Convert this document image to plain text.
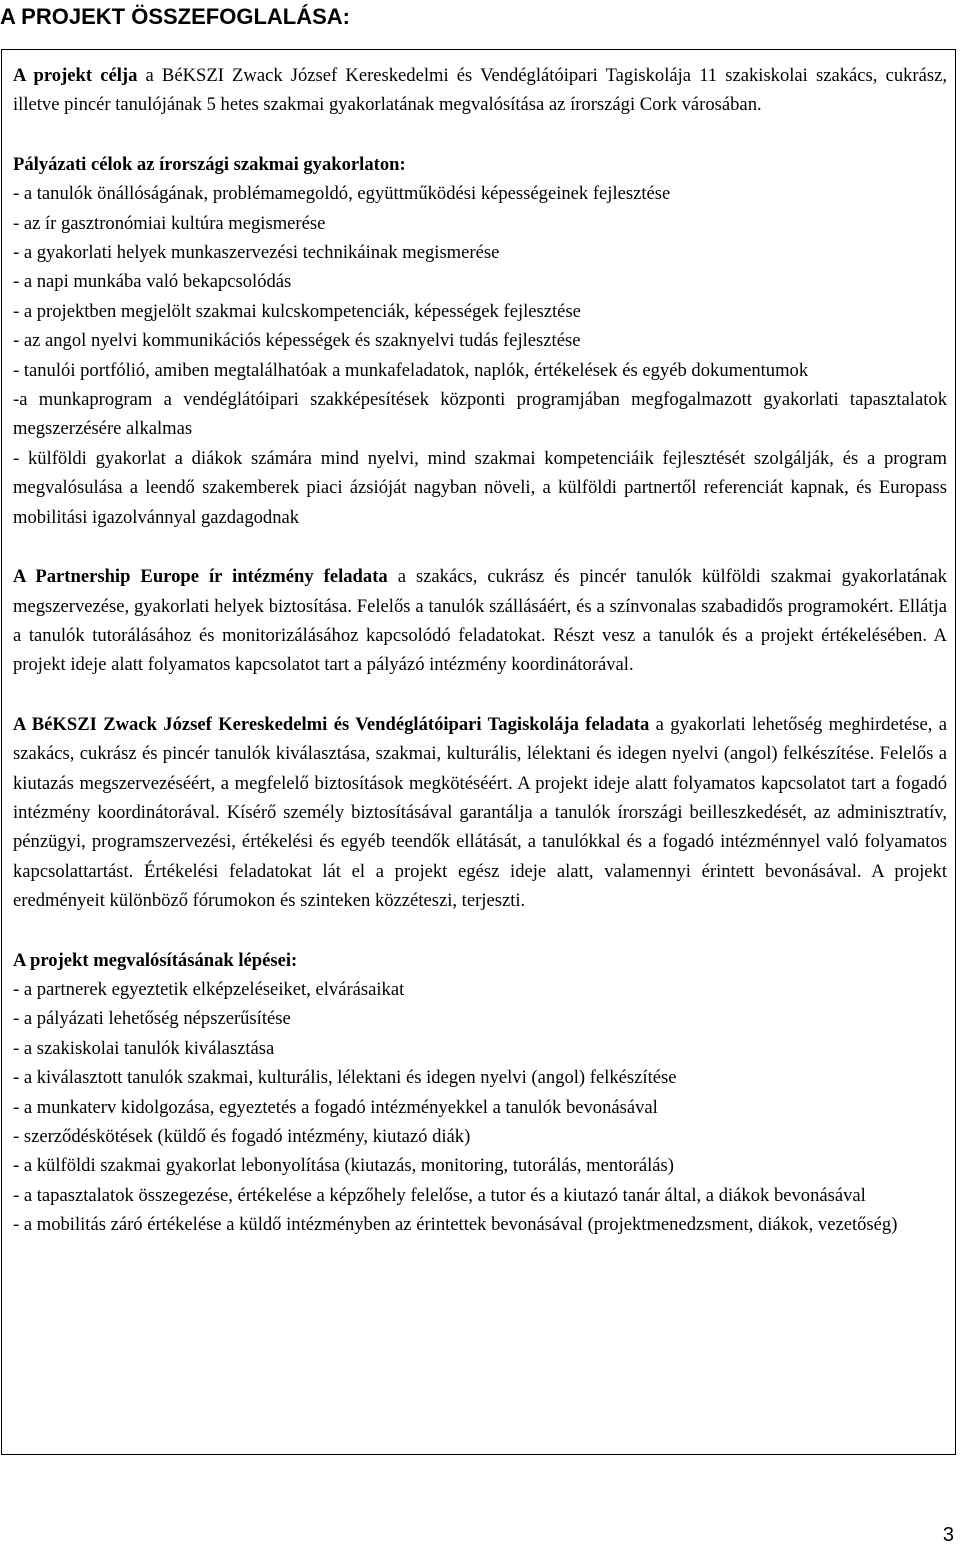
A PROJEKT ÖSSZEFOGLALÁSA:

A projekt célja a BéKSZI Zwack József Kereskedelmi és Vendéglátóipari Tagiskolája 11 szakiskolai szakács, cukrász, illetve pincér tanulójának 5 hetes szakmai gyakorlatának megvalósítása az írországi Cork városában.

Pályázati célok az írországi szakmai gyakorlaton:

- a tanulók önállóságának, problémamegoldó, együttműködési képességeinek fejlesztése
- az ír gasztronómiai kultúra megismerése
- a gyakorlati helyek munkaszervezési technikáinak megismerése
- a napi munkába való bekapcsolódás
- a projektben megjelölt szakmai kulcskompetenciák, képességek fejlesztése
- az angol nyelvi kommunikációs képességek és szaknyelvi tudás fejlesztése
- tanulói portfólió, amiben megtalálhatóak a munkafeladatok, naplók, értékelések és egyéb dokumentumok
-a munkaprogram a vendéglátóipari szakképesítések központi programjában megfogalmazott gyakorlati tapasztalatok megszerzésére alkalmas
- külföldi gyakorlat a diákok számára mind nyelvi, mind szakmai kompetenciáik fejlesztését szolgálják, és a program megvalósulása a leendő szakemberek piaci ázsióját nagyban növeli, a külföldi partnertől referenciát kapnak, és Europass mobilitási igazolvánnyal gazdagodnak

A Partnership Europe ír intézmény feladata a szakács, cukrász és pincér tanulók külföldi szakmai gyakorlatának megszervezése, gyakorlati helyek biztosítása. Felelős a tanulók szállásáért, és a színvonalas szabadidős programokért. Ellátja a tanulók tutorálásához és monitorizálásához kapcsolódó feladatokat. Részt vesz a tanulók és a projekt értékelésében. A projekt ideje alatt folyamatos kapcsolatot tart a pályázó intézmény koordinátorával.

A BéKSZI Zwack József Kereskedelmi és Vendéglátóipari Tagiskolája feladata a gyakorlati lehetőség meghirdetése, a szakács, cukrász és pincér tanulók kiválasztása, szakmai, kulturális, lélektani és idegen nyelvi (angol) felkészítése. Felelős a kiutazás megszervezéséért, a megfelelő biztosítások megkötéséért. A projekt ideje alatt folyamatos kapcsolatot tart a fogadó intézmény koordinátorával. Kísérő személy biztosításával garantálja a tanulók írországi beilleszkedését, az adminisztratív, pénzügyi, programszervezési, értékelési és egyéb teendők ellátását, a tanulókkal és a fogadó intézménnyel való folyamatos kapcsolattartást. Értékelési feladatokat lát el a projekt egész ideje alatt, valamennyi érintett bevonásával. A projekt eredményeit különböző fórumokon és szinteken közzéteszi, terjeszti.

A projekt megvalósításának lépései:

- a partnerek egyeztetik elképzeléseiket, elvárásaikat
- a pályázati lehetőség népszerűsítése
- a szakiskolai tanulók kiválasztása
- a kiválasztott tanulók szakmai, kulturális, lélektani és idegen nyelvi (angol) felkészítése
- a munkaterv kidolgozása, egyeztetés a fogadó intézményekkel a tanulók bevonásával
- szerződéskötések (küldő és fogadó intézmény, kiutazó diák)
- a külföldi szakmai gyakorlat lebonyolítása (kiutazás, monitoring, tutorálás, mentorálás)
- a tapasztalatok összegezése, értékelése a képzőhely felelőse, a tutor és a kiutazó tanár által, a diákok bevonásával
- a mobilitás záró értékelése a küldő intézményben az érintettek bevonásával (projektmenedzsment, diákok, vezetőség)
3
